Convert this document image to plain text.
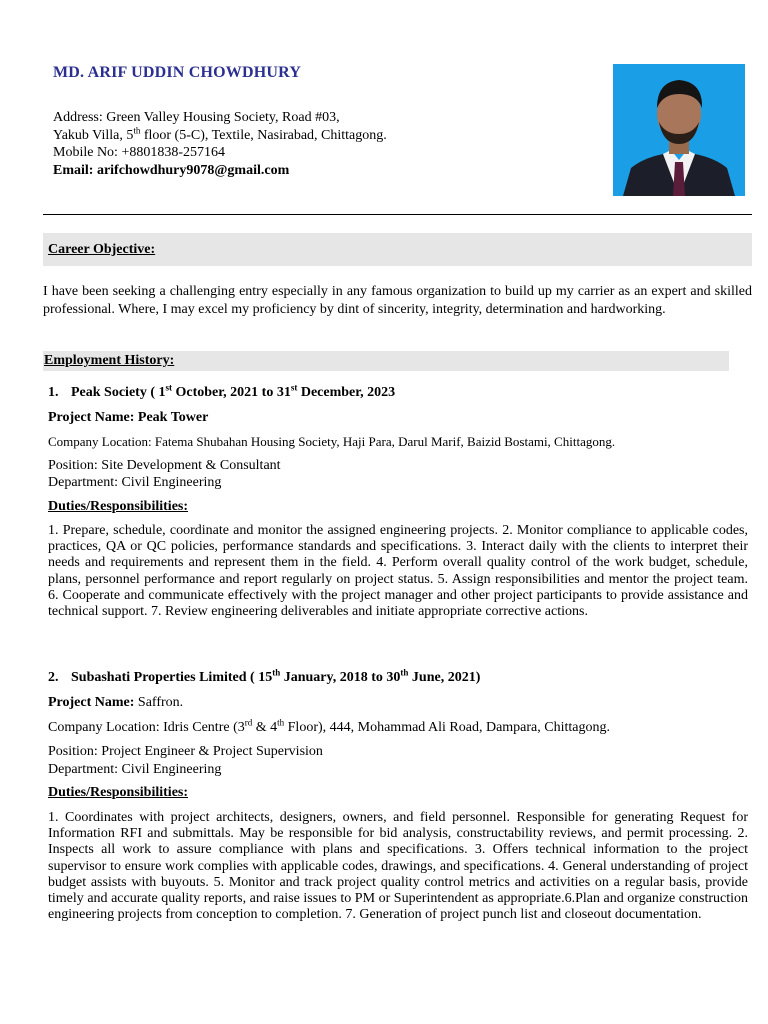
MD. ARIF UDDIN CHOWDHURY
Address: Green Valley Housing Society, Road #03,
Yakub Villa, 5th floor (5-C), Textile, Nasirabad, Chittagong.
Mobile No: +8801838-257164
Email: arifchowdhury9078@gmail.com
Career Objective:
I have been seeking a challenging entry especially in any famous organization to build up my carrier as an expert and skilled professional. Where, I may excel my proficiency by dint of sincerity, integrity, determination and hardworking.
Employment History:
1. Peak Society ( 1st October, 2021 to 31st December, 2023
Project Name: Peak Tower
Company Location: Fatema Shubahan Housing Society, Haji Para, Darul Marif, Baizid Bostami, Chittagong.
Position: Site Development & Consultant
Department: Civil Engineering
Duties/Responsibilities:
1. Prepare, schedule, coordinate and monitor the assigned engineering projects. 2. Monitor compliance to applicable codes, practices, QA or QC policies, performance standards and specifications. 3. Interact daily with the clients to interpret their needs and requirements and represent them in the field. 4. Perform overall quality control of the work budget, schedule, plans, personnel performance and report regularly on project status. 5. Assign responsibilities and mentor the project team. 6. Cooperate and communicate effectively with the project manager and other project participants to provide assistance and technical support. 7. Review engineering deliverables and initiate appropriate corrective actions.
2. Subashati Properties Limited ( 15th January, 2018 to 30th June, 2021)
Project Name: Saffron.
Company Location: Idris Centre (3rd & 4th Floor), 444, Mohammad Ali Road, Dampara, Chittagong.
Position: Project Engineer & Project Supervision
Department: Civil Engineering
Duties/Responsibilities:
1. Coordinates with project architects, designers, owners, and field personnel. Responsible for generating Request for Information RFI and submittals. May be responsible for bid analysis, constructability reviews, and permit processing. 2. Inspects all work to assure compliance with plans and specifications. 3. Offers technical information to the project supervisor to ensure work complies with applicable codes, drawings, and specifications. 4. General understanding of project budget assists with buyouts. 5. Monitor and track project quality control metrics and activities on a regular basis, provide timely and accurate quality reports, and raise issues to PM or Superintendent as appropriate.6.Plan and organize construction engineering projects from conception to completion. 7. Generation of project punch list and closeout documentation.
